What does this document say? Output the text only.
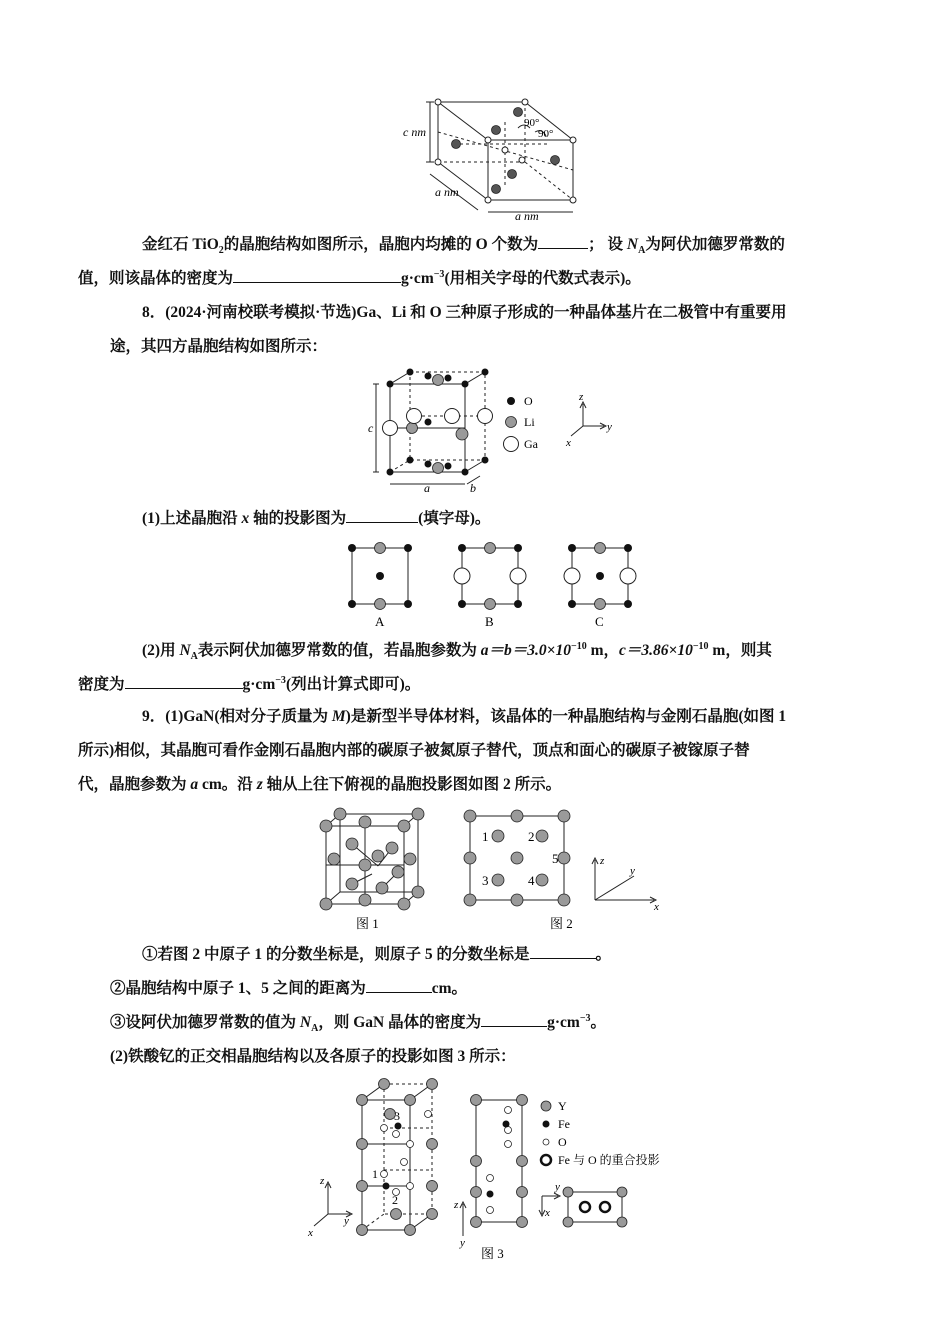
c nm
a nm
a nm
90°
90°
金红石 TiO$_2$的晶胞结构如图所示，晶胞内均摊的 O 个数为	； 设 $N_A$为阿伏加德罗常数的
值，则该晶体的密度为	$g\cdot cm^{-3}$(用相关字母的代数式表示)。
8．(2024·河南校联考模拟·节选)Ga、Li 和 O 三种原子形成的一种晶体基片在二极管中有重要用
途，其四方晶胞结构如图所示：
c
a	b
O
Li
Ga
z
y
x
(1)上述晶胞沿 x 轴的投影图为	(填字母)。
A	B	C
(2)用 $N_A$表示阿伏加德罗常数的值，若晶胞参数为 $a=b=3.0\times 10^{-10}$ m，$c=3.86\times 10^{-10}$ m，则其
密度为	$g\cdot cm^{-3}$(列出计算式即可)。
9．(1)GaN(相对分子质量为 M)是新型半导体材料，该晶体的一种晶胞结构与金刚石晶胞(如图 1
所示)相似，其晶胞可看作金刚石晶胞内部的碳原子被氮原子替代，顶点和面心的碳原子被镓原子替
代，晶胞参数为 a cm。沿 z 轴从上往下俯视的晶胞投影图如图 2 所示。
图 1
1	2
5
3	4
图 2
z
y
x
①若图 2 中原子 1 的分数坐标是，则原子 5 的分数坐标是	。
②晶胞结构中原子 1、5 之间的距离为	cm。
③设阿伏加德罗常数的值为 $N_A$，则 GaN 晶体的密度为	$g\cdot cm^{-3}$。
(2)铁酸钇的正交相晶胞结构以及各原子的投影如图 3 所示：
3
1
2
z
y
x
z
y
Y
Fe
O
Fe 与 O 的重合投影
y
x
图 3
